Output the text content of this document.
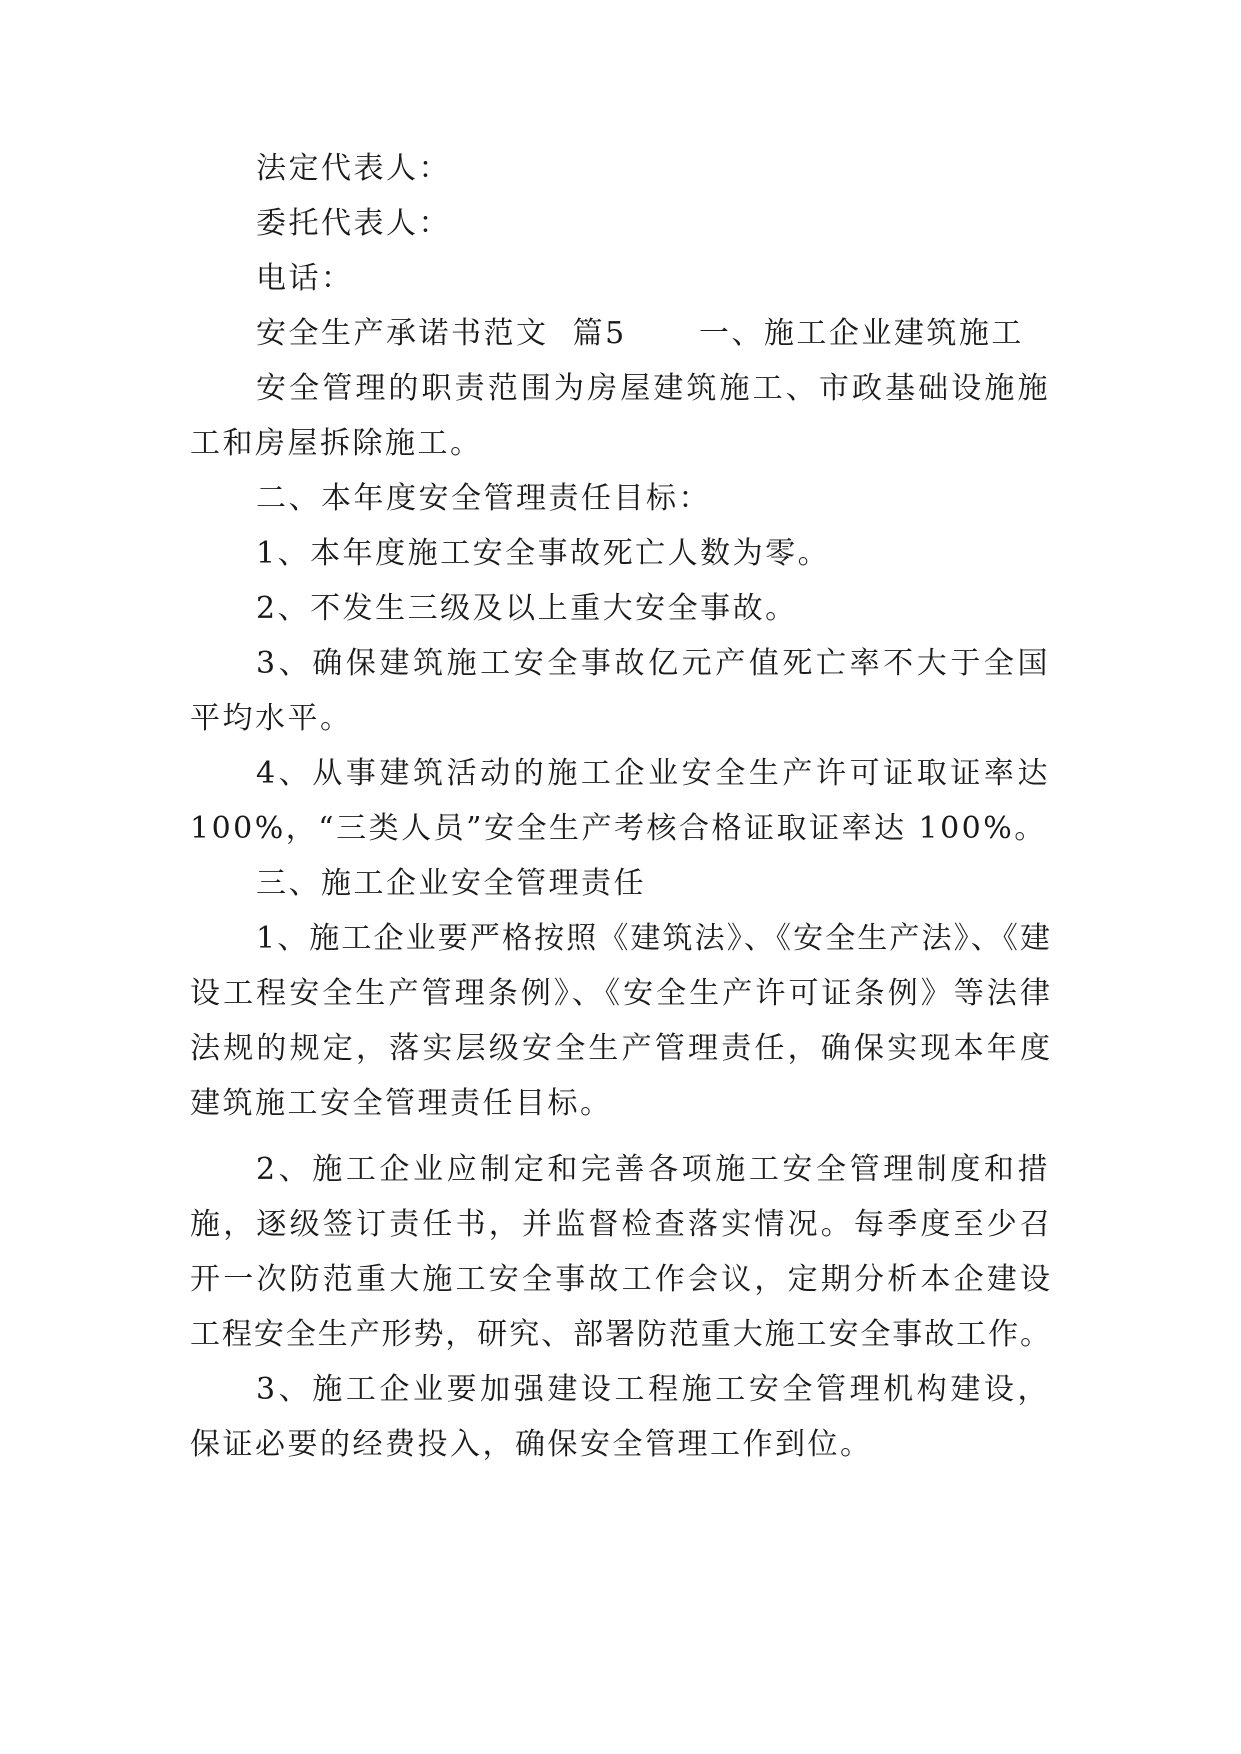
法定代表人：
委托代表人：
电话：
安全生产承诺书范文  篇5      一、施工企业建筑施工
安全管理的职责范围为房屋建筑施工、市政基础设施施
工和房屋拆除施工。
二、本年度安全管理责任目标：
1、本年度施工安全事故死亡人数为零。
2、不发生三级及以上重大安全事故。
3、确保建筑施工安全事故亿元产值死亡率不大于全国
平均水平。
4、从事建筑活动的施工企业安全生产许可证取证率达
100%，“三类人员”安全生产考核合格证取证率达 100%。
三、施工企业安全管理责任
1、施工企业要严格按照《建筑法》、《安全生产法》、《建
设工程安全生产管理条例》、《安全生产许可证条例》等法律
法规的规定，落实层级安全生产管理责任，确保实现本年度
建筑施工安全管理责任目标。
2、施工企业应制定和完善各项施工安全管理制度和措
施，逐级签订责任书，并监督检查落实情况。每季度至少召
开一次防范重大施工安全事故工作会议，定期分析本企建设
工程安全生产形势，研究、部署防范重大施工安全事故工作。
3、施工企业要加强建设工程施工安全管理机构建设，
保证必要的经费投入，确保安全管理工作到位。
